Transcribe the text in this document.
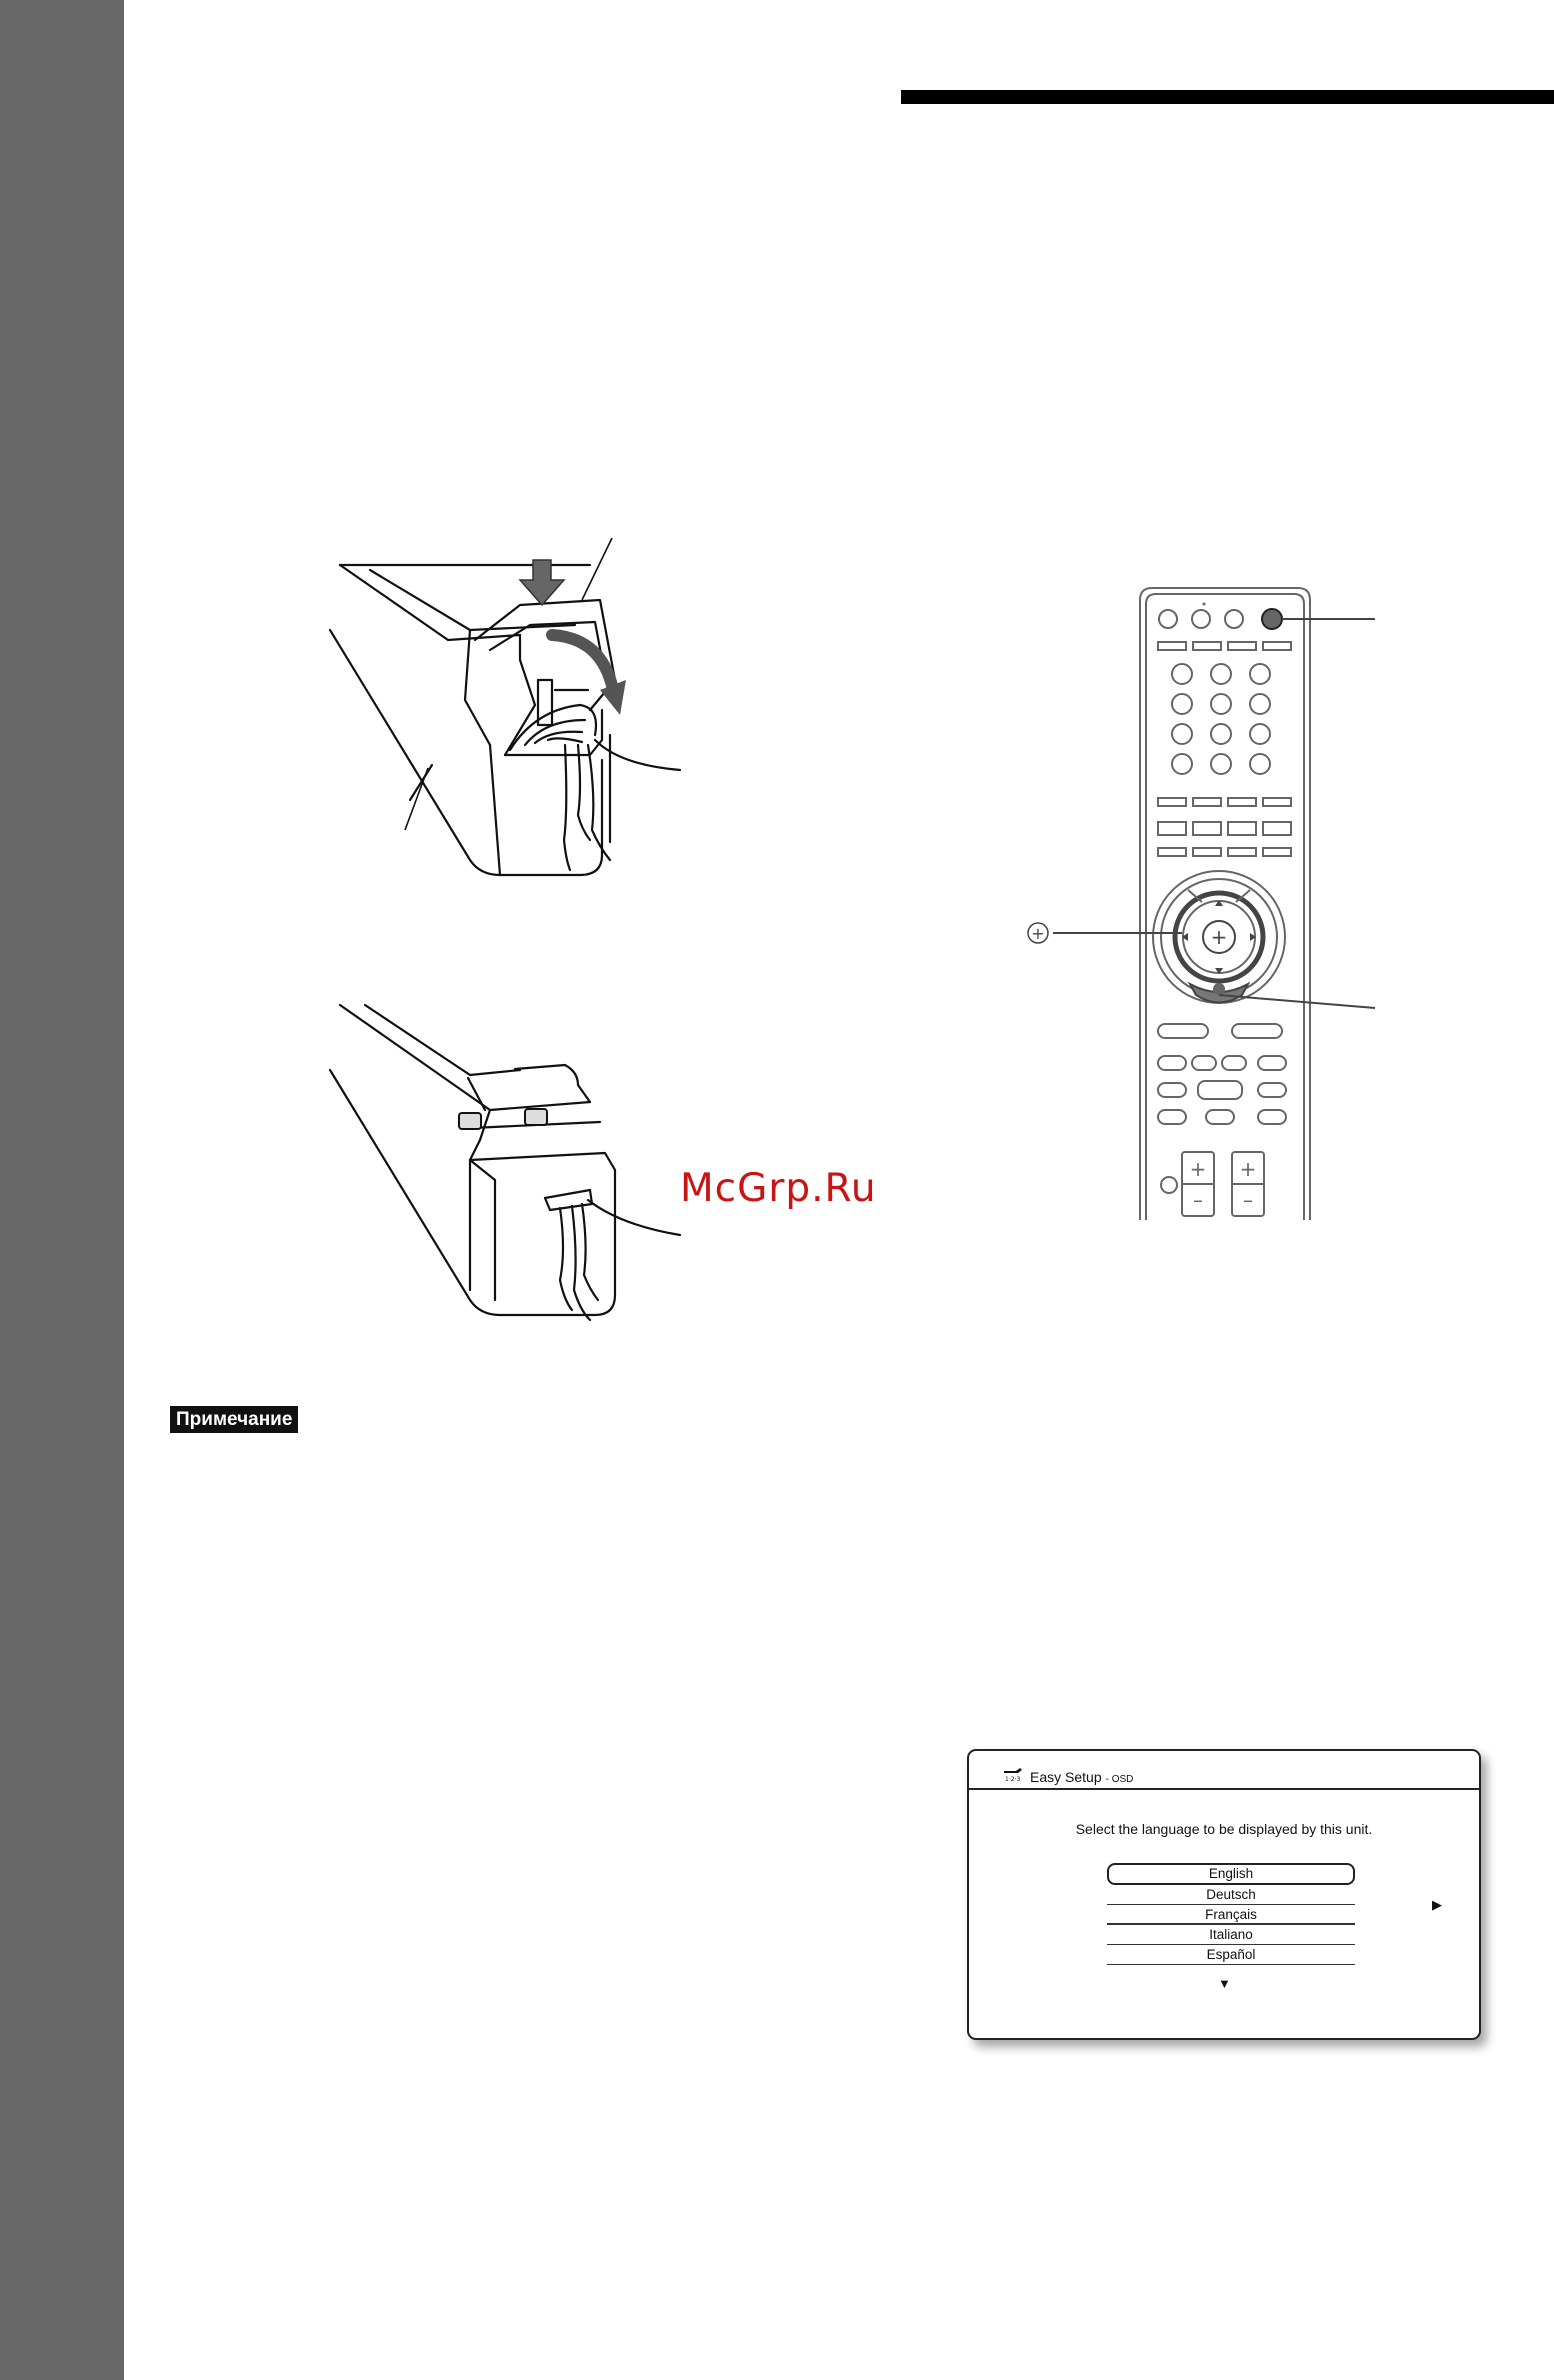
McGrp.Ru
+
+
+
–
+
–
Примечание
1·2·3 Easy Setup - OSD
Select the language to be displayed by this unit.
English
Deutsch
Français
Italiano
Español
▶
▼
